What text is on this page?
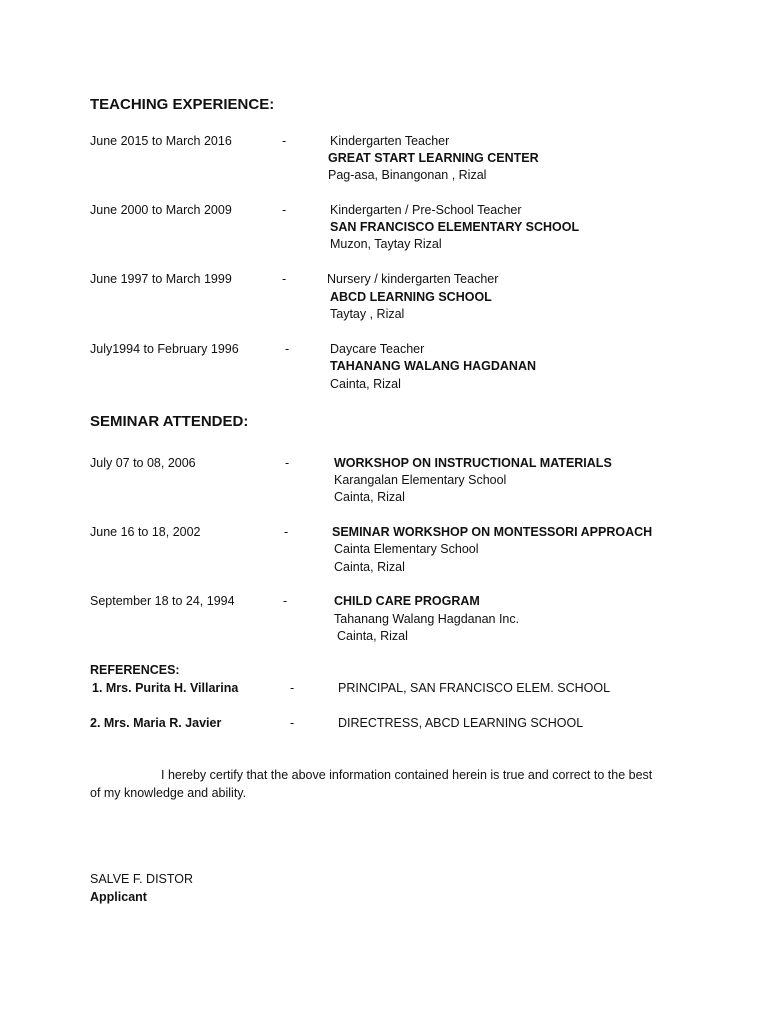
TEACHING EXPERIENCE:
June 2015 to March 2016	-	Kindergarten Teacher
GREAT START LEARNING CENTER
Pag-asa, Binangonan , Rizal
June 2000 to March 2009	-	Kindergarten / Pre-School Teacher
SAN FRANCISCO ELEMENTARY SCHOOL
Muzon, Taytay Rizal
June 1997 to March 1999	-	Nursery / kindergarten Teacher
ABCD LEARNING SCHOOL
Taytay , Rizal
July1994 to February 1996	-	Daycare Teacher
TAHANANG WALANG HAGDANAN
Cainta, Rizal
SEMINAR ATTENDED:
July 07 to 08, 2006	-	WORKSHOP ON INSTRUCTIONAL MATERIALS
Karangalan Elementary School
Cainta, Rizal
June 16 to 18, 2002	-	SEMINAR WORKSHOP ON MONTESSORI APPROACH
Cainta Elementary School
Cainta, Rizal
September 18 to 24, 1994	-	CHILD CARE PROGRAM
Tahanang Walang Hagdanan Inc.
Cainta, Rizal
REFERENCES:
1. Mrs. Purita H. Villarina	-	PRINCIPAL, SAN FRANCISCO ELEM. SCHOOL
2. Mrs. Maria R. Javier	-	DIRECTRESS, ABCD LEARNING SCHOOL
I hereby certify that the above information contained herein is true and correct to the best
of my knowledge and ability.
SALVE F. DISTOR
Applicant
